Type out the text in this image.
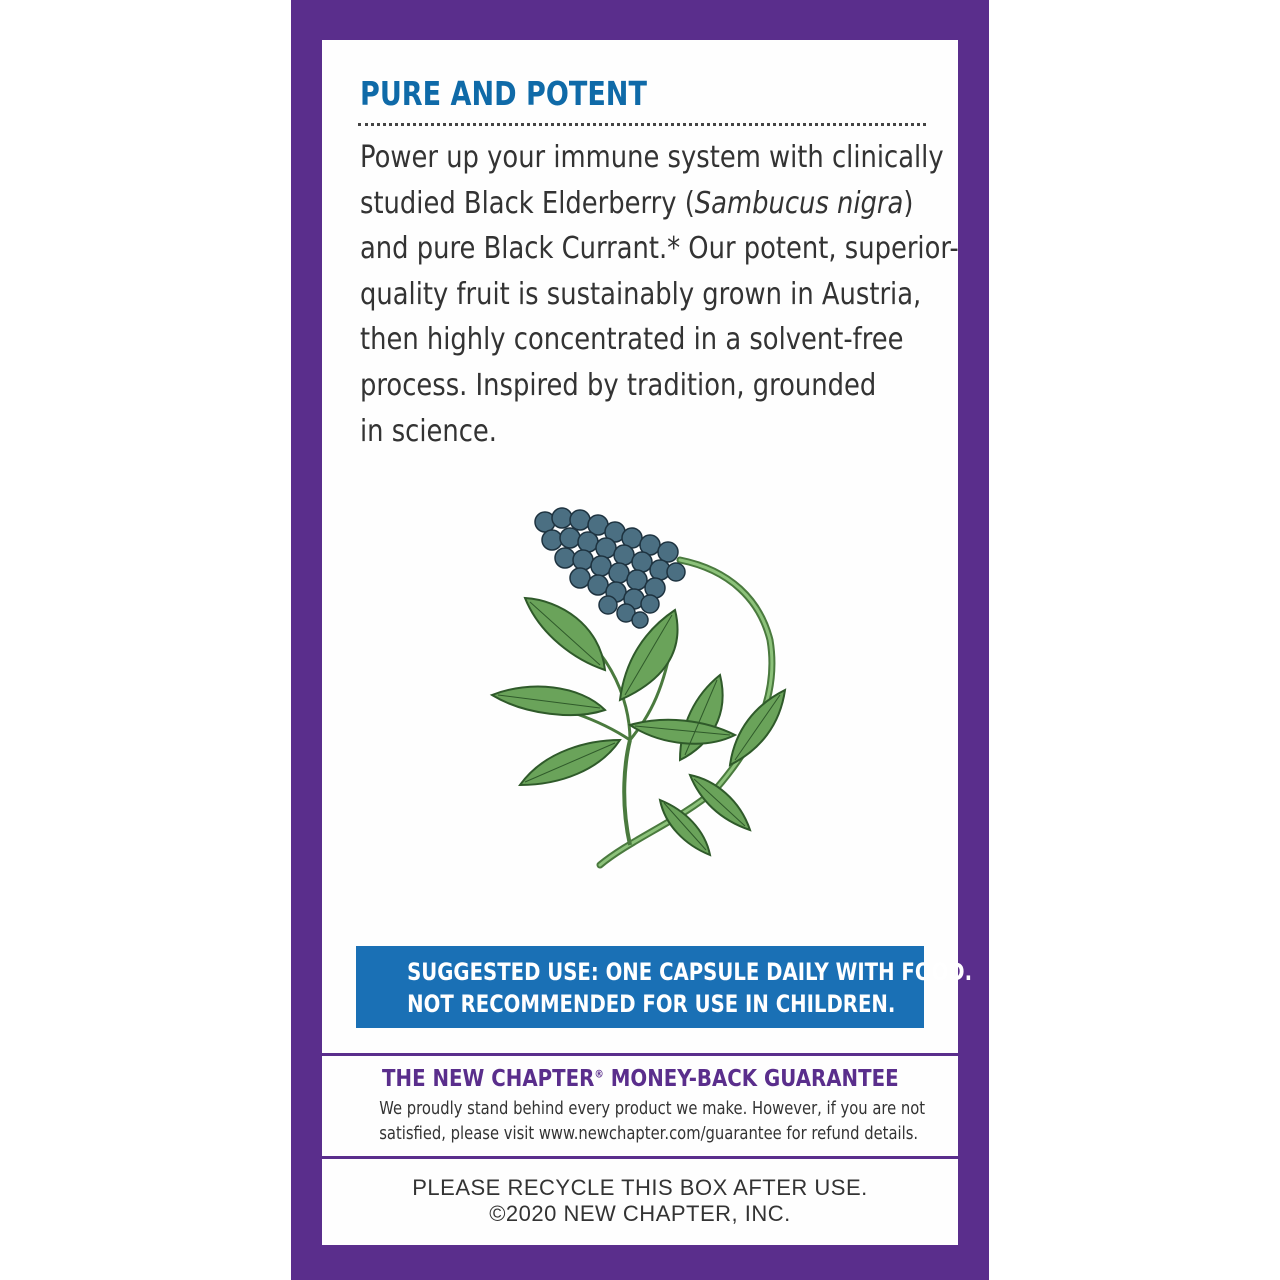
PURE AND POTENT
Power up your immune system with clinically
studied Black Elderberry (Sambucus nigra)
and pure Black Currant.* Our potent, superior-
quality fruit is sustainably grown in Austria,
then highly concentrated in a solvent-free
process. Inspired by tradition, grounded
in science.
SUGGESTED USE: ONE CAPSULE DAILY WITH FOOD.
NOT RECOMMENDED FOR USE IN CHILDREN.
THE NEW CHAPTER® MONEY-BACK GUARANTEE
We proudly stand behind every product we make. However, if you are not
satisfied, please visit www.newchapter.com/guarantee for refund details.
PLEASE RECYCLE THIS BOX AFTER USE.
©2020 NEW CHAPTER, INC.
